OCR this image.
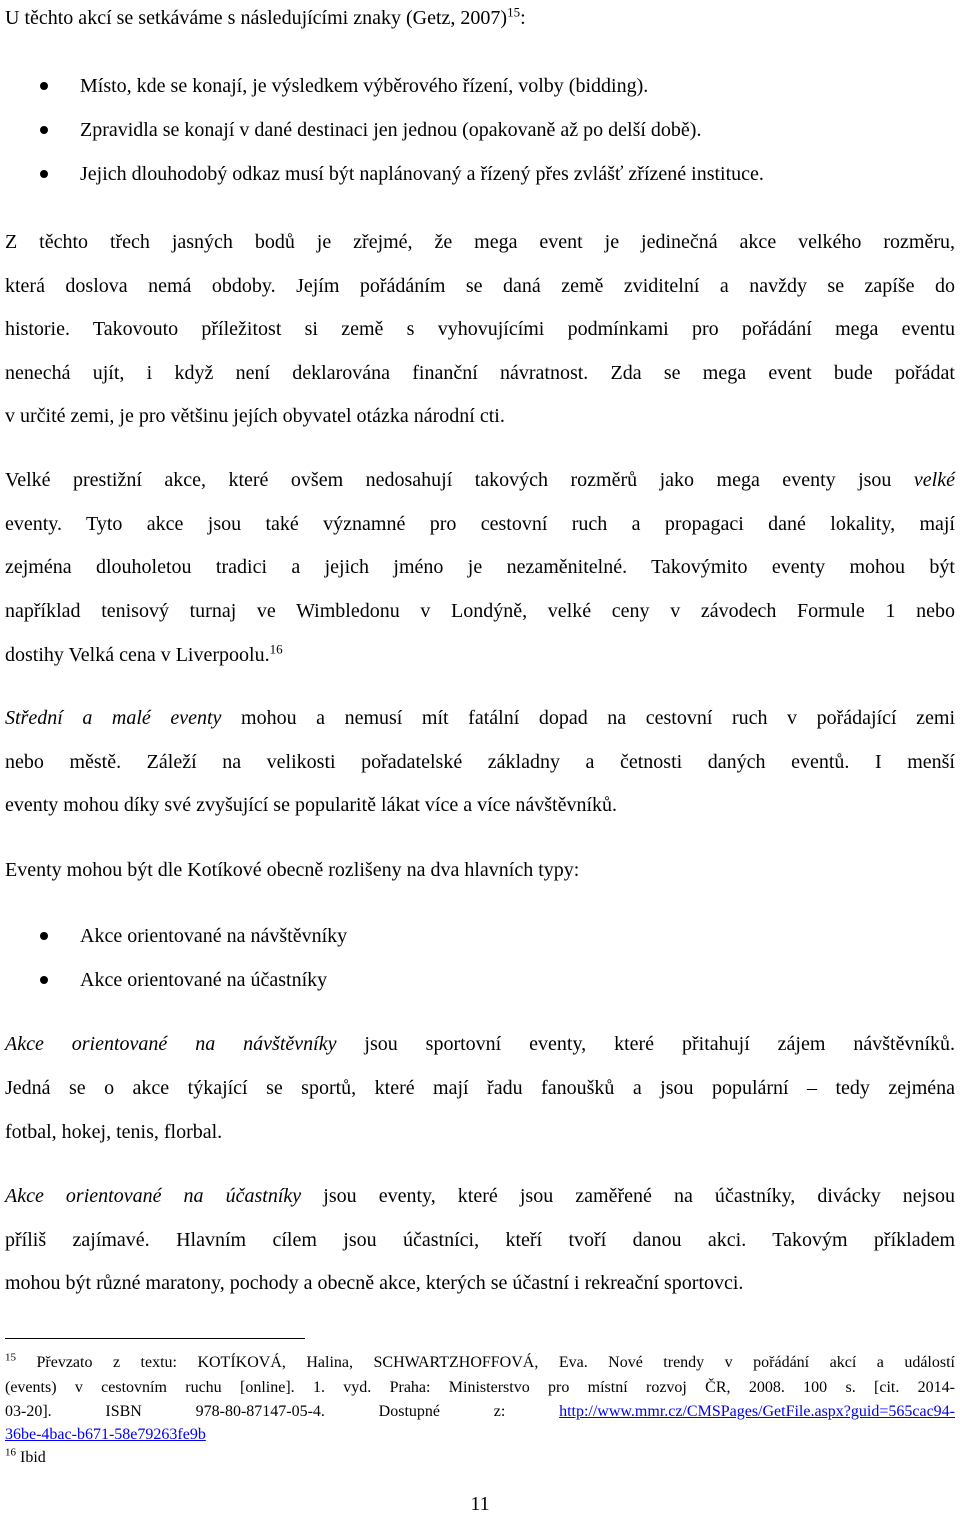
U těchto akcí se setkáváme s následujícími znaky (Getz, 2007)$^{15}$:
Místo, kde se konají, je výsledkem výběrového řízení, volby (bidding).
Zpravidla se konají v dané destinaci jen jednou (opakovaně až po delší době).
Jejich dlouhodobý odkaz musí být naplánovaný a řízený přes zvlášť zřízené instituce.
Z těchto třech jasných bodů je zřejmé, že mega event je jedinečná akce velkého rozměru,
která doslova nemá obdoby. Jejím pořádáním se daná země zviditelní a navždy se zapíše do
historie. Takovouto příležitost si země s vyhovujícími podmínkami pro pořádání mega eventu
nenechá ujít, i když není deklarována finanční návratnost. Zda se mega event bude pořádat
v určité zemi, je pro většinu jejích obyvatel otázka národní cti.
Velké prestižní akce, které ovšem nedosahují takových rozměrů jako mega eventy jsou velké
eventy. Tyto akce jsou také významné pro cestovní ruch a propagaci dané lokality, mají
zejména dlouholetou tradici a jejich jméno je nezaměnitelné. Takovýmito eventy mohou být
například tenisový turnaj ve Wimbledonu v Londýně, velké ceny v závodech Formule 1 nebo
dostihy Velká cena v Liverpoolu.$^{16}$
Střední a malé eventy mohou a nemusí mít fatální dopad na cestovní ruch v pořádající zemi
nebo městě. Záleží na velikosti pořadatelské základny a četnosti daných eventů. I menší
eventy mohou díky své zvyšující se popularitě lákat více a více návštěvníků.
Eventy mohou být dle Kotíkové obecně rozlišeny na dva hlavních typy:
Akce orientované na návštěvníky
Akce orientované na účastníky
Akce orientované na návštěvníky jsou sportovní eventy, které přitahují zájem návštěvníků.
Jedná se o akce týkající se sportů, které mají řadu fanoušků a jsou populární – tedy zejména
fotbal, hokej, tenis, florbal.
Akce orientované na účastníky jsou eventy, které jsou zaměřené na účastníky, divácky nejsou
příliš zajímavé. Hlavním cílem jsou účastníci, kteří tvoří danou akci. Takovým příkladem
mohou být různé maratony, pochody a obecně akce, kterých se účastní i rekreační sportovci.
$^{15}$ Převzato z textu: KOTÍKOVÁ, Halina, SCHWARTZHOFFOVÁ, Eva. Nové trendy v pořádání akcí a událostí
(events) v cestovním ruchu [online]. 1. vyd. Praha: Ministerstvo pro místní rozvoj ČR, 2008. 100 s. [cit. 2014-
03-20]. ISBN 978-80-87147-05-4. Dostupné z:	http://www.mmr.cz/CMSPages/GetFile.aspx?guid=565cac94-
36be-4bac-b671-58e79263fe9b
$^{16}$ Ibid
11
